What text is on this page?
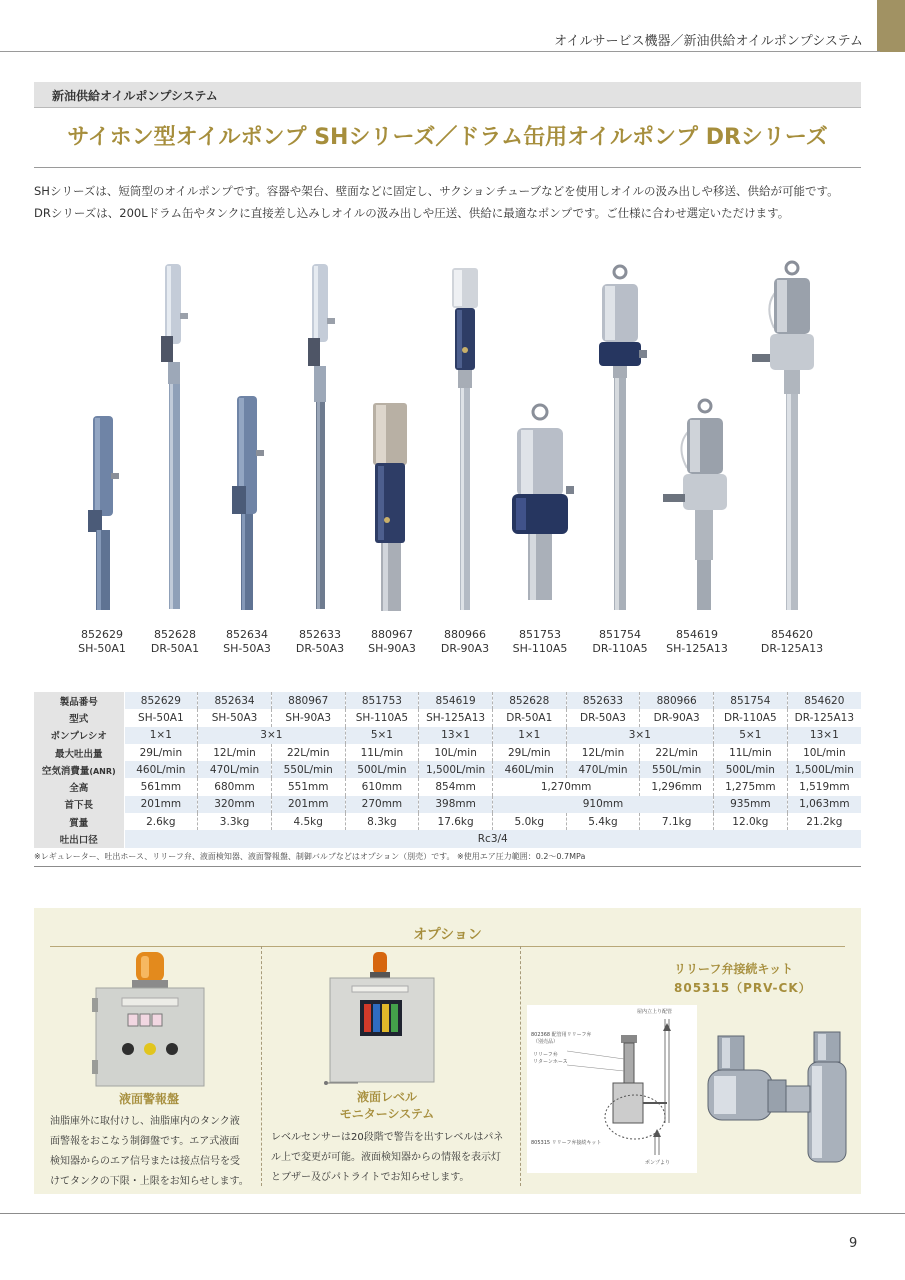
オイルサービス機器／新油供給オイルポンプシステム
新油供給オイルポンプシステム
サイホン型オイルポンプ SHシリーズ／ドラム缶用オイルポンプ DRシリーズ

SHシリーズは、短筒型のオイルポンプです。容器や架台、壁面などに固定し、サクションチューブなどを使用しオイルの汲み出しや移送、供給が可能です。

DRシリーズは、200Lドラム缶やタンクに直接差し込みしオイルの汲み出しや圧送、供給に最適なポンプです。ご仕様に合わせ選定いただけます。

852629
SH-50A1
852628
DR-50A1
852634
SH-50A3
852633
DR-50A3
880967
SH-90A3
880966
DR-90A3
851753
SH-110A5
851754
DR-110A5
854619
SH-125A13
854620
DR-125A13
製品番号	852629	852634	880967	851753	854619	852628	852633	880966	851754	854620
型式	SH-50A1	SH-50A3	SH-90A3	SH-110A5	SH-125A13	DR-50A1	DR-50A3	DR-90A3	DR-110A5	DR-125A13
ポンプレシオ	1×1	3×1		5×1	13×1	1×1	3×1		5×1	13×1
最大吐出量	29L/min	12L/min	22L/min	11L/min	10L/min	29L/min	12L/min	22L/min	11L/min	10L/min
空気消費量(ANR)	460L/min	470L/min	550L/min	500L/min	1,500L/min	460L/min	470L/min	550L/min	500L/min	1,500L/min
全高	561mm	680mm	551mm	610mm	854mm	1,270mm		1,296mm	1,275mm	1,519mm
首下長	201mm	320mm	201mm	270mm	398mm	910mm			935mm	1,063mm
質量	2.6kg	3.3kg	4.5kg	8.3kg	17.6kg	5.0kg	5.4kg	7.1kg	12.0kg	21.2kg
吐出口径	Rc3/4									
※レギュレーター、吐出ホース、リリーフ弁、液面検知器、液面警報盤、制御バルブなどはオプション（別売）です。 ※使用エア圧力範囲：0.2〜0.7MPa
オプション
液面警報盤
油脂庫外に取付けし、油脂庫内のタンク液
面警報をおこなう制御盤です。エア式液面
検知器からのエア信号または接点信号を受
けてタンクの下限・上限をお知らせします。
液面レベル
モニターシステム
レベルセンサーは20段階で警告を出すレベルはパネ
ル上で変更が可能。液面検知器からの情報を表示灯
とブザー及びパトライトでお知らせします。
リリーフ弁接続キット
805315（PRV-CK）
屋内立上り配管
802368 配管用リリーフ弁
（別売品）
リリーフ弁
リターンホース
805315 リリーフ弁接続キット
ポンプより
9
